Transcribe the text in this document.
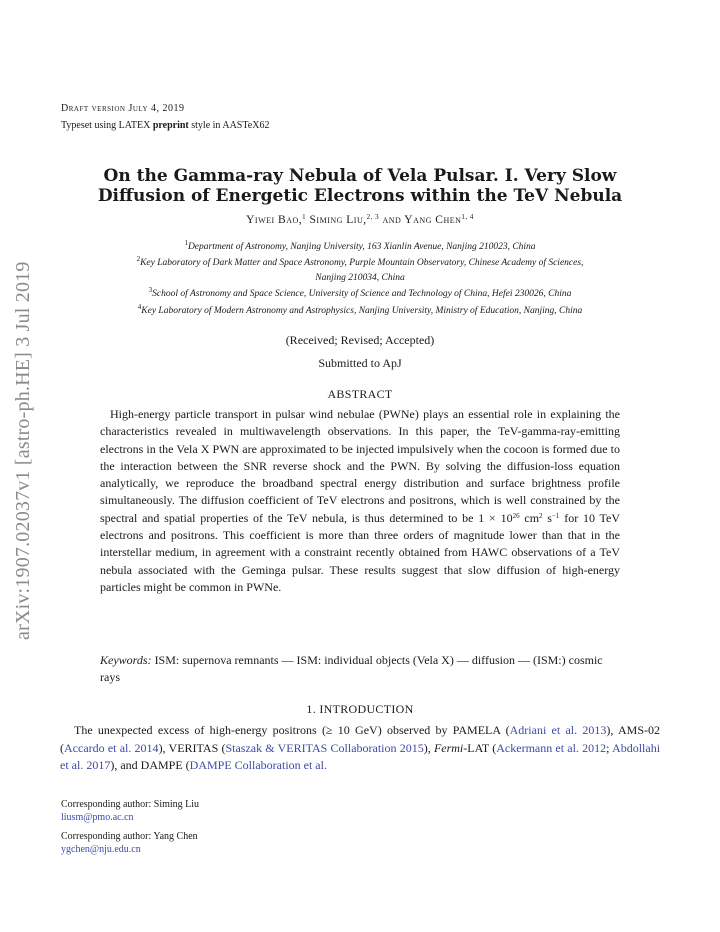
arXiv:1907.02037v1 [astro-ph.HE] 3 Jul 2019
Draft version July 4, 2019
Typeset using LATEX preprint style in AASTeX62
On the Gamma-ray Nebula of Vela Pulsar. I. Very Slow
Diffusion of Energetic Electrons within the TeV Nebula
Yiwei Bao,$^1$ Siming Liu,$^{2, 3}$ and Yang Chen$^{1, 4}$
$^1$Department of Astronomy, Nanjing University, 163 Xianlin Avenue, Nanjing 210023, China
$^2$Key Laboratory of Dark Matter and Space Astronomy, Purple Mountain Observatory, Chinese Academy of Sciences,
Nanjing 210034, China
$^3$School of Astronomy and Space Science, University of Science and Technology of China, Hefei 230026, China
$^4$Key Laboratory of Modern Astronomy and Astrophysics, Nanjing University, Ministry of Education, Nanjing, China
(Received; Revised; Accepted)
Submitted to ApJ
ABSTRACT

High-energy particle transport in pulsar wind nebulae (PWNe) plays an essential role in explaining the characteristics revealed in multiwavelength observations. In this paper, the TeV-gamma-ray-emitting electrons in the Vela X PWN are approximated to be injected impulsively when the cocoon is formed due to the interaction between the SNR reverse shock and the PWN. By solving the diffusion-loss equation analytically, we reproduce the broadband spectral energy distribution and surface brightness profile simultaneously. The diffusion coefficient of TeV electrons and positrons, which is well constrained by the spectral and spatial properties of the TeV nebula, is thus determined to be $1 \times 10^{26}$ $cm^2$ $s^{-1}$ for 10 TeV electrons and positrons. This coefficient is more than three orders of magnitude lower than that in the interstellar medium, in agreement with a constraint recently obtained from HAWC observations of a TeV nebula associated with the Geminga pulsar. These results suggest that slow diffusion of high-energy particles might be common in PWNe.

Keywords: ISM: supernova remnants — ISM: individual objects (Vela X) — diffusion — (ISM:) cosmic rays

1. INTRODUCTION

The unexpected excess of high-energy positrons (≥ 10 GeV) observed by PAMELA (Adriani et al. 2013), AMS-02 (Accardo et al. 2014), VERITAS (Staszak & VERITAS Collaboration 2015), Fermi-LAT (Ackermann et al. 2012; Abdollahi et al. 2017), and DAMPE (DAMPE Collaboration et al.

Corresponding author: Siming Liu
liusm@pmo.ac.cn
Corresponding author: Yang Chen
ygchen@nju.edu.cn
